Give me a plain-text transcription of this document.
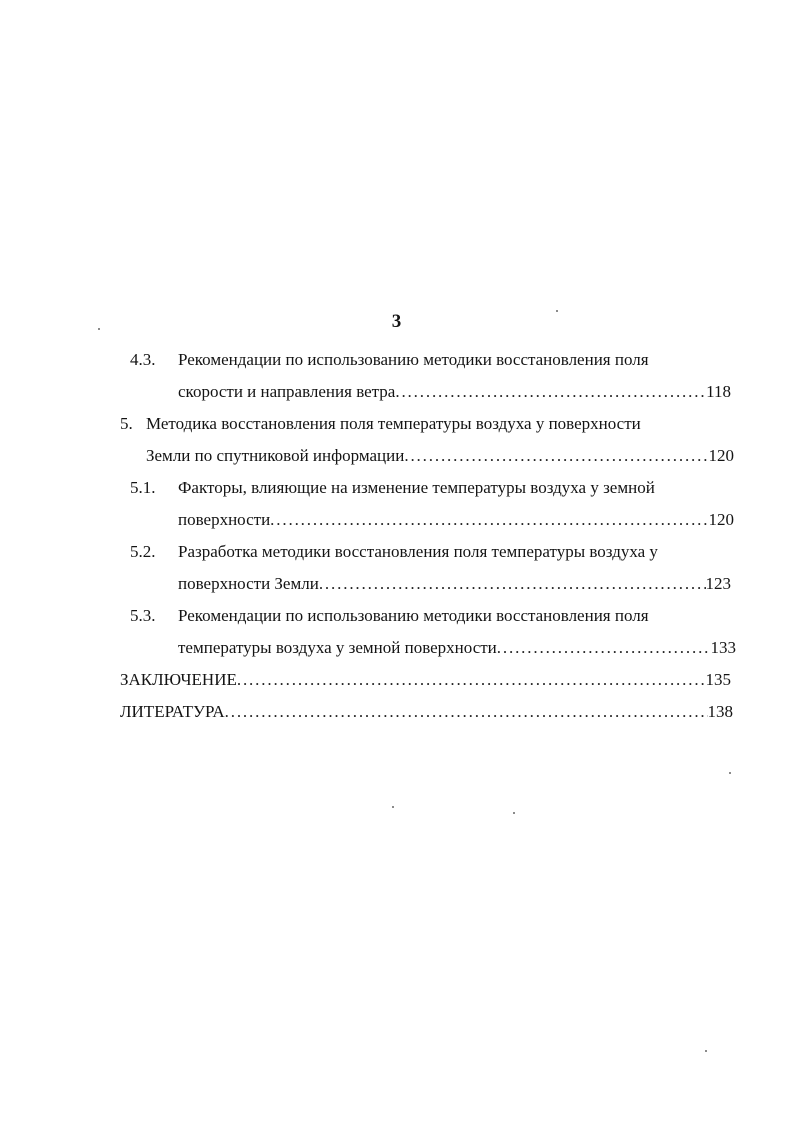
3
4.3. Рекомендации по использованию методики восстановления поля
скорости и направления ветра . . .	118
5. Методика восстановления поля температуры воздуха у поверхности
Земли по спутниковой информации . . .	120
5.1. Факторы, влияющие на изменение температуры воздуха у земной
поверхности . . .	120
5.2. Разработка методики восстановления поля температуры воздуха у
поверхности Земли . . .	123
5.3. Рекомендации по использованию методики восстановления поля
температуры воздуха у земной поверхности . . .	133
ЗАКЛЮЧЕНИЕ . . .	135
ЛИТЕРАТУРА . . .	138
